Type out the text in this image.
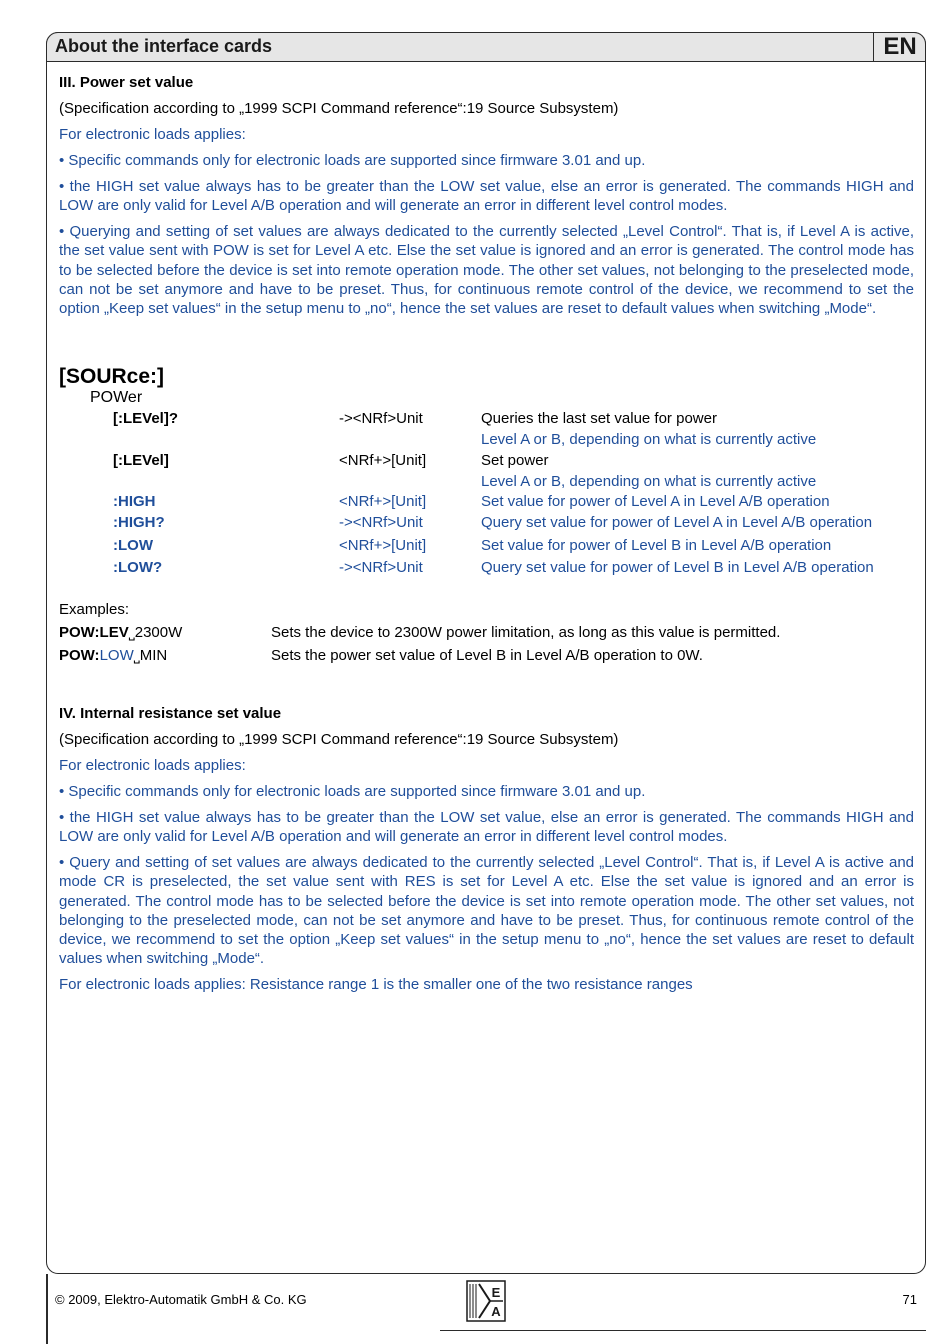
About the interface cards	EN
III. Power set value
(Specification according to „1999 SCPI Command reference“:19 Source Subsystem)
For electronic loads applies:
• Specific commands only for electronic loads are supported since firmware 3.01 and up.
• the HIGH set value always has to be greater than the LOW set value, else an error is generated. The commands HIGH and LOW are only valid for Level A/B operation and will generate an error in different level control modes.
• Querying and setting of set values are always dedicated to the currently selected „Level Control“. That is, if Level A is active, the set value sent with POW is set for Level A etc. Else the set value is ignored and an error is generated. The control mode has to be selected before the device is set into remote operation mode. The other set values, not belonging to the preselected mode, can not be set anymore and have to be preset. Thus, for continuous remote control of the device, we recommend to set the option „Keep set values“ in the setup menu to „no“, hence the set values are reset to default values when switching „Mode“.
[SOURce:]
POWer
[:LEVel]?	-><NRf>Unit	Queries the last set value for power
Level A or B, depending on what is currently active
[:LEVel]	<NRf+>[Unit]	Set power
Level A or B, depending on what is currently active
:HIGH	<NRf+>[Unit]	Set value for power of Level A in Level A/B operation
:HIGH?	-><NRf>Unit	Query set value for power of Level A in Level A/B operation
:LOW	<NRf+>[Unit]	Set value for power of Level B in Level A/B operation
:LOW?	-><NRf>Unit	Query set value for power of Level B in Level A/B operation
Examples:
POW:LEV⎵2300W	Sets the device to 2300W power limitation, as long as this value is permitted.
POW:LOW⎵MIN	Sets the power set value of Level B in Level A/B operation to 0W.
IV. Internal resistance set value
(Specification according to „1999 SCPI Command reference“:19 Source Subsystem)
For electronic loads applies:
• Specific commands only for electronic loads are supported since firmware 3.01 and up.
• the HIGH set value always has to be greater than the LOW set value, else an error is generated. The commands HIGH and LOW are only valid for Level A/B operation and will generate an error in different level control modes.
• Query and setting of set values are always dedicated to the currently selected „Level Control“. That is, if Level A is active and mode CR is preselected, the set value sent with RES is set for Level A etc. Else the set value is ignored and an error is generated. The control mode has to be selected before the device is set into remote operation mode. The other set values, not belonging to the preselected mode, can not be set anymore and have to be preset. Thus, for continuous remote control of the device, we recommend to set the option „Keep set values“ in the setup menu to „no“, hence the set values are reset to default values when switching „Mode“.
For electronic loads applies: Resistance range 1 is the smaller one of the two resistance ranges
© 2009, Elektro-Automatik GmbH & Co. KG	71
E
A
